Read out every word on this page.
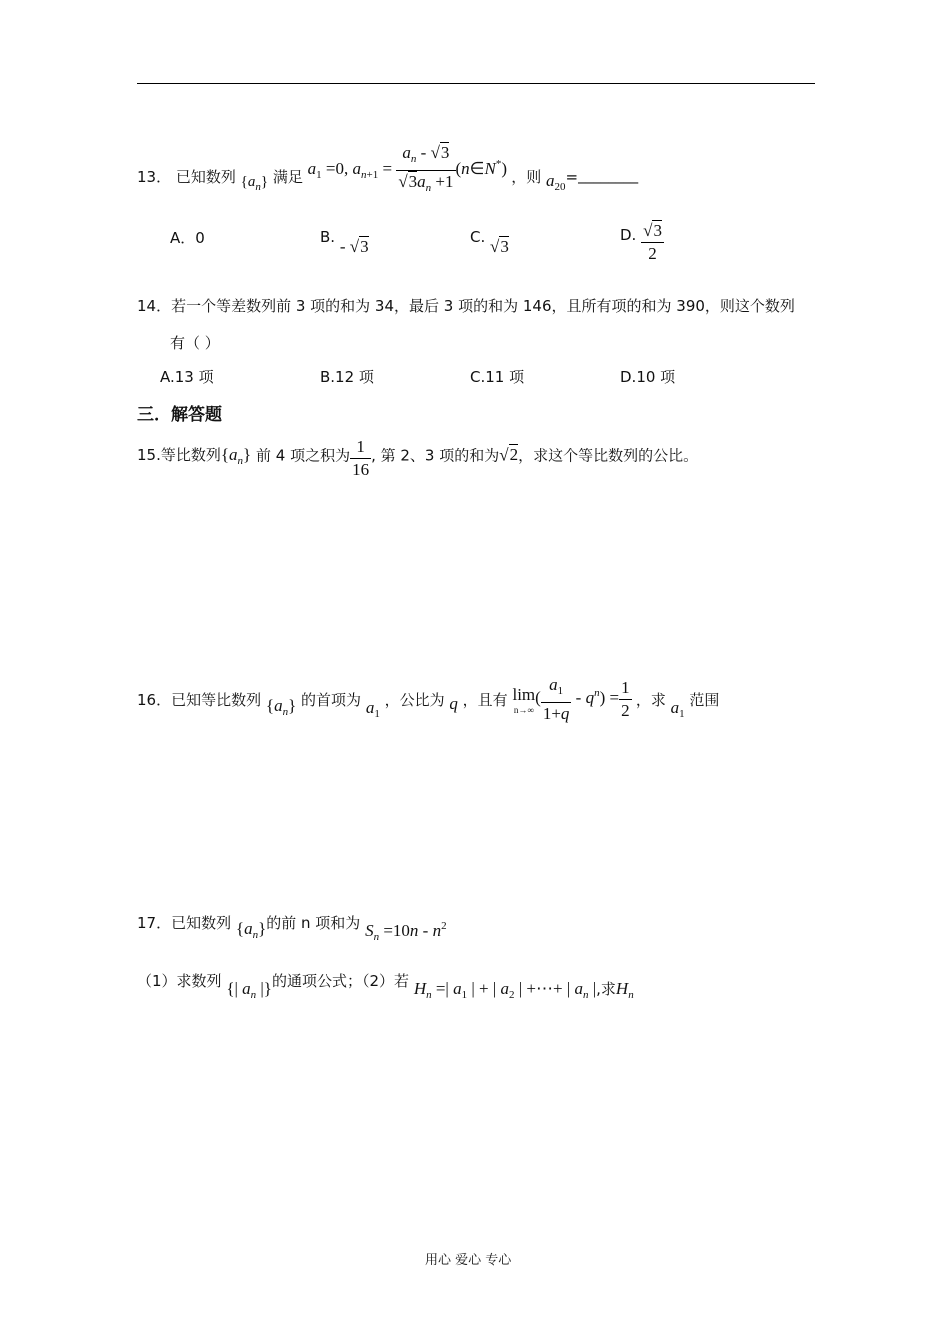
13． 已知数列 $\{a_n\}$ 满足 $a_1 =0$, $a_{n+1} = \frac{a_n - √3}{√3a_n +1}$ (n∈N*) ，则 $a_{20}=\_\_\_\_\_\_\_\_$
A．0	B. - √3	C. √3
D. $\frac{√3}{2}$
14．若一个等差数列前 3 项的和为 34，最后 3 项的和为 146，且所有项的和为 390，则这个数列
有（ ）
A.13 项	B.12 项	C.11 项	D.10 项
三．解答题
15.等比数列$\{a_n\}$ 前 4 项之积为 $\frac{1}{16}$ , 第 2、3 项的和为√2，求这个等比数列的公比。
16．已知等比数列 $\{a_n\}$ 的首项为 $a_1$ ，公比为 q ，且有 lim
n→∞
( $\frac{a_1}{1+q} - q^n) = \frac{1}{2}$ ，求 $a_1$ 范围
17．已知数列 $\{a_n\}$的前 n 项和为 $S_n =10n - n^2$
（1）求数列 {| $a_n$ |}的通项公式；（2）若 $H_n$ =| $a_1$ | + | $a_2$ | +⋯+ | $a_n$ |,求$H_n$
用心 爱心 专心
